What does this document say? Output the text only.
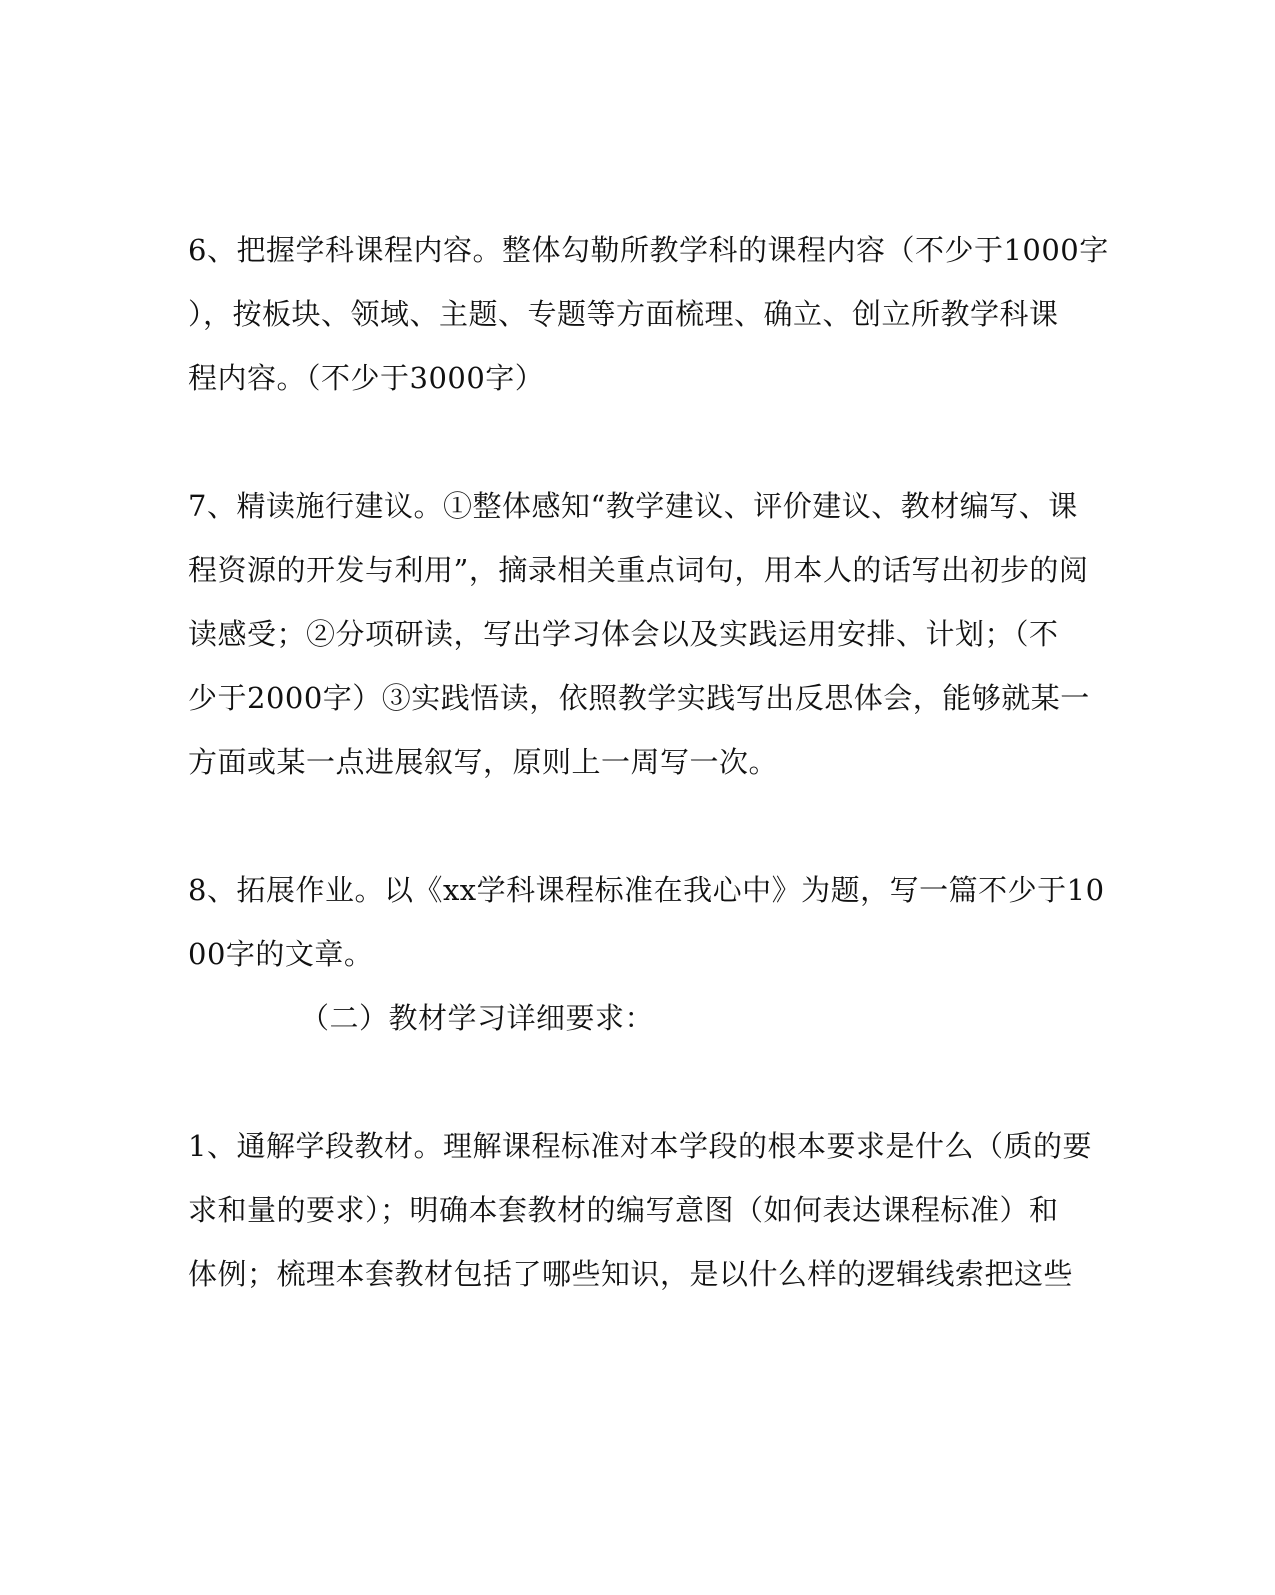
6、把握学科课程内容。整体勾勒所教学科的课程内容（不少于1000字
），按板块、领域、主题、专题等方面梳理、确立、创立所教学科课
程内容。（不少于3000字）
7、精读施行建议。①整体感知“教学建议、评价建议、教材编写、课
程资源的开发与利用”，摘录相关重点词句，用本人的话写出初步的阅
读感受；②分项研读，写出学习体会以及实践运用安排、计划；（不
少于2000字）③实践悟读，依照教学实践写出反思体会，能够就某一
方面或某一点进展叙写，原则上一周写一次。
8、拓展作业。以《xx学科课程标准在我心中》为题，写一篇不少于10
00字的文章。
（二）教材学习详细要求：
1、通解学段教材。理解课程标准对本学段的根本要求是什么（质的要
求和量的要求）；明确本套教材的编写意图（如何表达课程标准）和
体例；梳理本套教材包括了哪些知识，是以什么样的逻辑线索把这些
